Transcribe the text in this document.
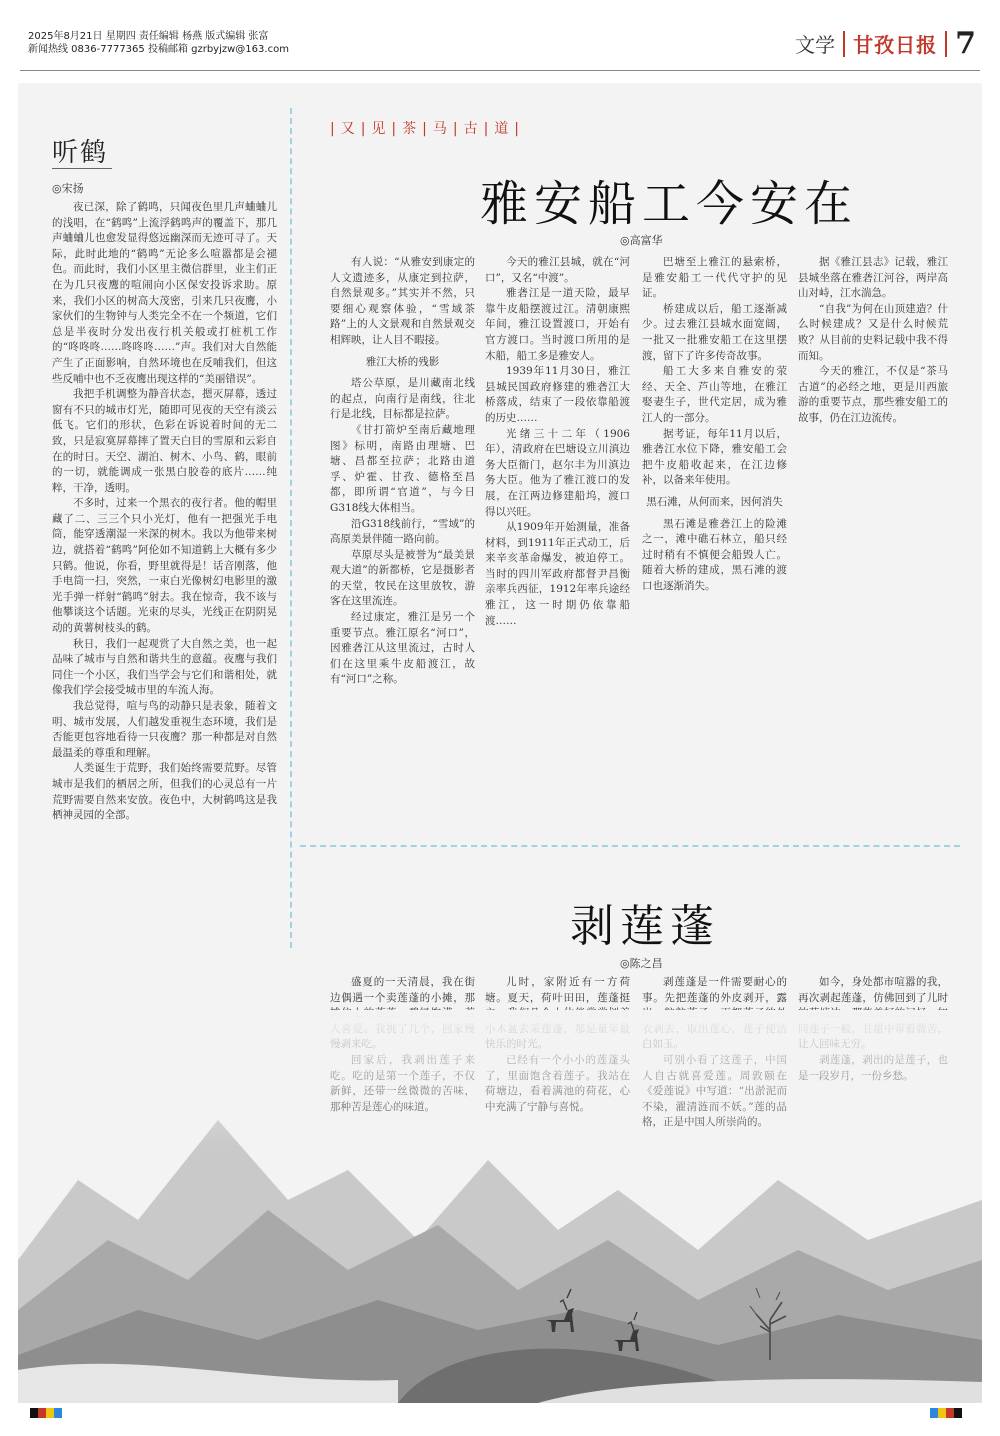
2025年8月21日 星期四 责任编辑 杨燕 版式编辑 张富
新闻热线 0836-7777365 投稿邮箱 gzrbyjzw@163.com	文学 甘孜日报 7
听鹤
◎宋扬

夜已深，除了鹤鸣，只闻夜色里几声蛐蛐儿的浅唱，在“鹤鸣”上流浮鹤鸣声的覆盖下，那几声蛐蛐儿也愈发显得悠远幽深而无迹可寻了。天际，此时此地的“鹤鸣”无论多么喧嚣都是会褪色。而此时，我们小区里主微信群里，业主们正在为几只夜鹰的喧闹向小区保安投诉求助。原来，我们小区的树高大茂密，引来几只夜鹰，小家伙们的生物钟与人类完全不在一个频道，它们总是半夜时分发出夜行机关般或打桩机工作的“咚咚咚……咚咚咚……”声。我们对大自然能产生了正面影响，自然环境也在反哺我们，但这些反哺中也不乏夜鹰出现这样的“美丽错误”。

我把手机调整为静音状态，摁灭屏幕，透过窗有不只的城市灯光，随即可见夜的天空有淡云低飞。它们的形状，色彩在诉说着时间的无二致，只是寂寞屏幕摔了置天白目的雪原和云彩自在的时日。天空、湖泊、树木、小鸟、鹤，眼前的一切，就能调成一张黑白胶卷的底片……纯粹，干净，透明。

不多时，过来一个黑衣的夜行者。他的帽里藏了二、三三个只小光灯，他有一把强光手电筒，能穿透潮湿一米深的树木。我以为他带来树边，就搭着“鹤鸣”阿伦如不知道鹤上大概有多少只鹤。他说，你看，野里就得是！话音刚落，他手电筒一扫，突然，一束白光像树幻电影里的激光手弹一样射“鹤鸣”射去。我在惊奇，我不该与他攀谈这个话题。光束的尽头，光线正在阴阴晃动的黄薯树枝头的鹤。

秋日，我们一起观赏了大自然之美，也一起品味了城市与自然和谐共生的意蕴。夜鹰与我们同住一个小区，我们当学会与它们和谐相处，就像我们学会接受城市里的车流人海。

我总觉得，喧与鸟的动静只是表象，随着文明、城市发展，人们越发重视生态环境，我们是否能更包容地看待一只夜鹰？那一种都是对自然最温柔的尊重和理解。

人类诞生于荒野，我们始终需要荒野。尽管城市是我们的栖居之所，但我们的心灵总有一片荒野需要自然来安放。夜色中，大树鹤鸣这是我栖神灵园的全部。

|又|见|茶|马|古|道|
雅安船工今安在
◎高富华

有人说：“从雅安到康定的人文遗迹多，从康定到拉萨，自然景观多。”其实并不然，只要细心观察体验，“雪域茶路”上的人文景观和自然景观交相辉映，让人目不暇接。

雅江大桥的残影

塔公草原，是川藏南北线的起点，向南行是南线，往北行是北线，目标都是拉萨。

《甘打箭炉至南后藏地理图》标明，南路由理塘、巴塘、昌都至拉萨；北路由道孚、炉霍、甘孜、德格至昌都，即所谓“官道”，与今日G318线大体相当。

沿G318线前行，“雪域”的高原美景伴随一路向前。

草原尽头是被誉为“最美景观大道”的新都桥，它是摄影者的天堂，牧民在这里放牧，游客在这里流连。

经过康定，雅江是另一个重要节点。雅江原名“河口”，因雅砻江从这里流过，古时人们在这里乘牛皮船渡江，故有“河口”之称。

今天的雅江县城，就在“河口”，又名“中渡”。

雅砻江是一道天险，最早靠牛皮船摆渡过江。清朝康熙年间，雅江设置渡口，开始有官方渡口。当时渡口所用的是木船，船工多是雅安人。

1939年11月30日，雅江县城民国政府修建的雅砻江大桥落成，结束了一段依靠船渡的历史……

光绪三十二年（1906年），清政府在巴塘设立川滇边务大臣衙门，赵尔丰为川滇边务大臣。他为了雅江渡口的发展，在江两边修建船坞，渡口得以兴旺。

从1909年开始测量，准备材料，到1911年正式动工，后来辛亥革命爆发，被迫停工。当时的四川军政府都督尹昌衡亲率兵西征，1912年率兵途经雅江，这一时期仍依靠船渡……

巴塘至上雅江的悬索桥，是雅安船工一代代守护的见证。

桥建成以后，船工逐渐减少。过去雅江县城水面宽阔，一批又一批雅安船工在这里摆渡，留下了许多传奇故事。

船工大多来自雅安的荥经、天全、芦山等地，在雅江娶妻生子，世代定居，成为雅江人的一部分。

据考证，每年11月以后，雅砻江水位下降，雅安船工会把牛皮船收起来，在江边修补，以备来年使用。

黑石滩，从何而来，因何消失

黑石滩是雅砻江上的险滩之一，滩中礁石林立，船只经过时稍有不慎便会船毁人亡。随着大桥的建成，黑石滩的渡口也逐渐消失。

据《雅江县志》记载，雅江县城坐落在雅砻江河谷，两岸高山对峙，江水湍急。

“自我”为何在山顶建造？什么时候建成？又是什么时候荒败？从目前的史料记载中我不得而知。

今天的雅江，不仅是“茶马古道”的必经之地，更是川西旅游的重要节点，那些雅安船工的故事，仍在江边流传。

剥莲蓬
◎陈之昌

盛夏的一天清晨，我在街边偶遇一个卖莲蓬的小摊，那

儿时，家附近有一方荷塘。夏天，荷叶田田，莲蓬挺

剥莲蓬是一件需要耐心的事。先把莲蓬的外皮剥开，露

如今，身处都市喧嚣的我，再次剥起莲蓬，仿佛回到了儿时
